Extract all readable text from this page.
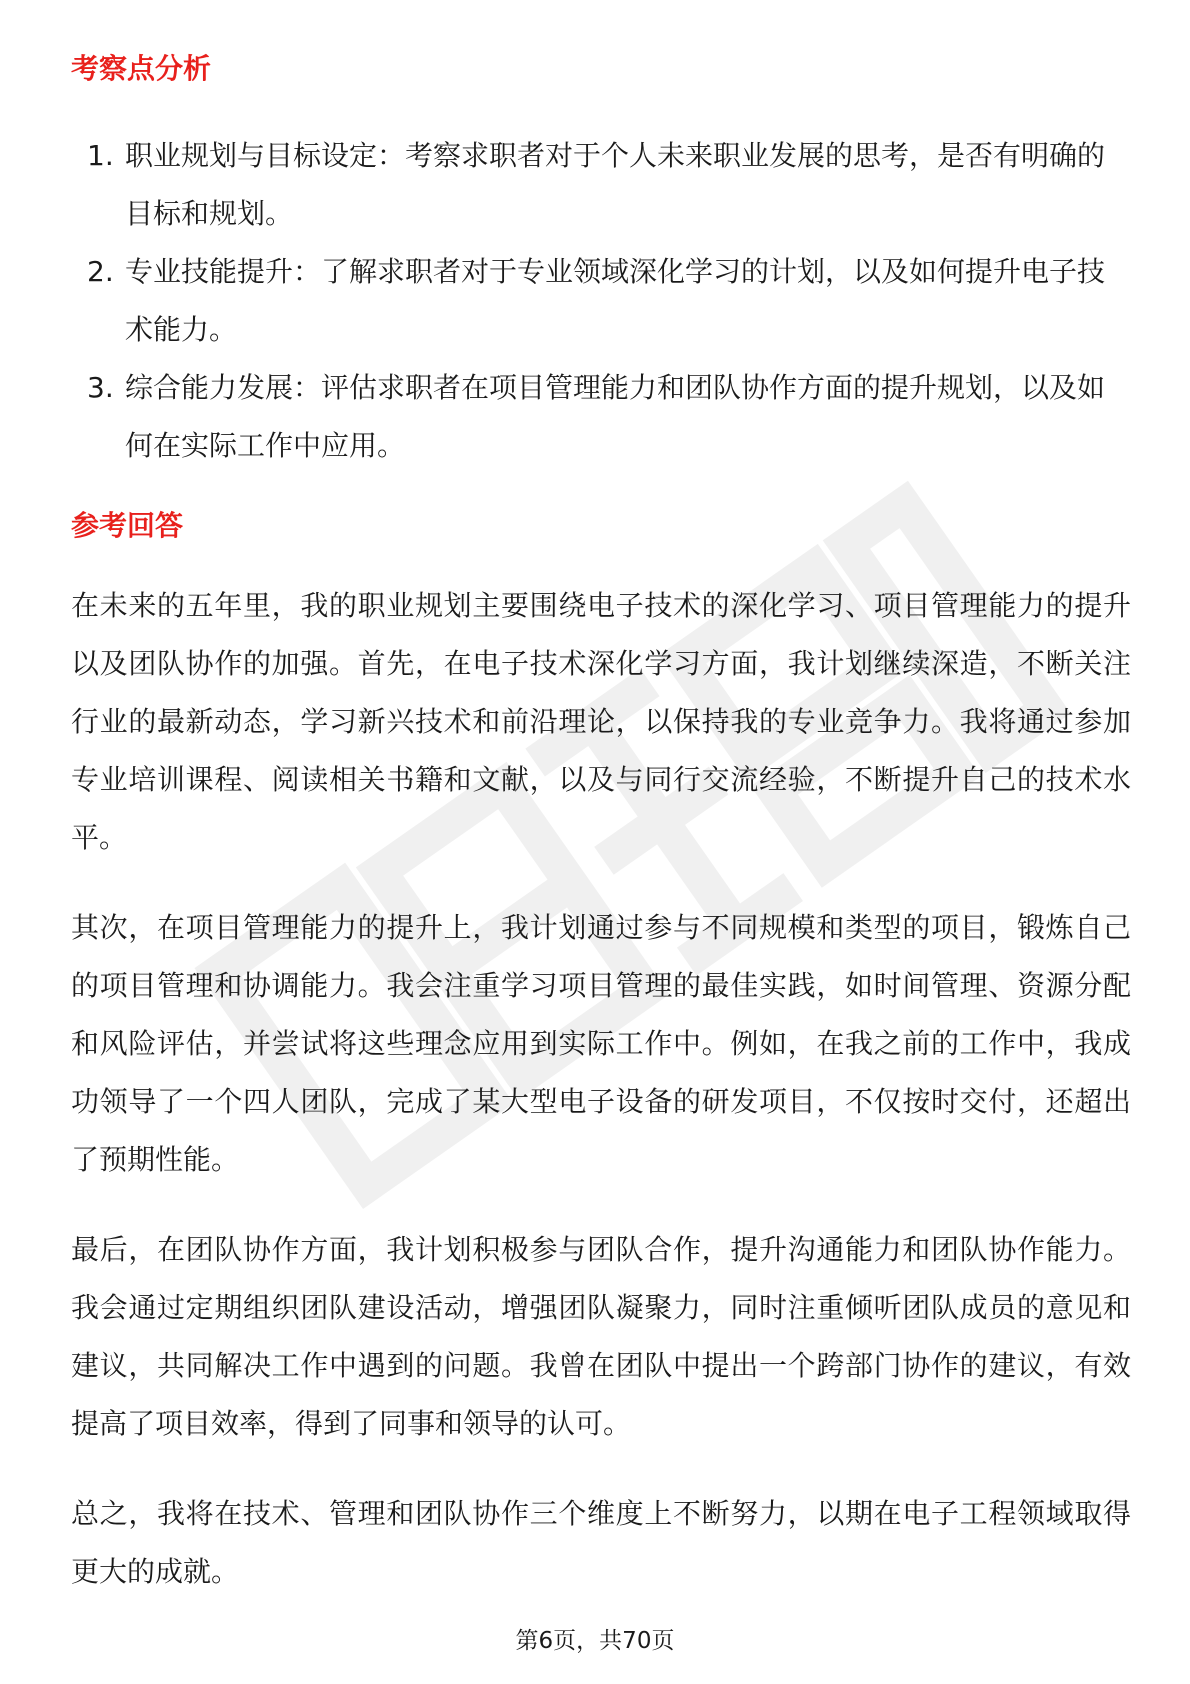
考察点分析
1. 职业规划与目标设定：考察求职者对于个人未来职业发展的思考，是否有明确的目标和规划。
2. 专业技能提升：了解求职者对于专业领域深化学习的计划，以及如何提升电子技术能力。
3. 综合能力发展：评估求职者在项目管理能力和团队协作方面的提升规划，以及如何在实际工作中应用。
参考回答

在未来的五年里，我的职业规划主要围绕电子技术的深化学习、项目管理能力的提升以及团队协作的加强。首先，在电子技术深化学习方面，我计划继续深造，不断关注行业的最新动态，学习新兴技术和前沿理论，以保持我的专业竞争力。我将通过参加专业培训课程、阅读相关书籍和文献，以及与同行交流经验，不断提升自己的技术水平。

其次，在项目管理能力的提升上，我计划通过参与不同规模和类型的项目，锻炼自己的项目管理和协调能力。我会注重学习项目管理的最佳实践，如时间管理、资源分配和风险评估，并尝试将这些理念应用到实际工作中。例如，在我之前的工作中，我成功领导了一个四人团队，完成了某大型电子设备的研发项目，不仅按时交付，还超出了预期性能。

最后，在团队协作方面，我计划积极参与团队合作，提升沟通能力和团队协作能力。我会通过定期组织团队建设活动，增强团队凝聚力，同时注重倾听团队成员的意见和建议，共同解决工作中遇到的问题。我曾在团队中提出一个跨部门协作的建议，有效提高了项目效率，得到了同事和领导的认可。

总之，我将在技术、管理和团队协作三个维度上不断努力，以期在电子工程领域取得更大的成就。

第6页，共70页
